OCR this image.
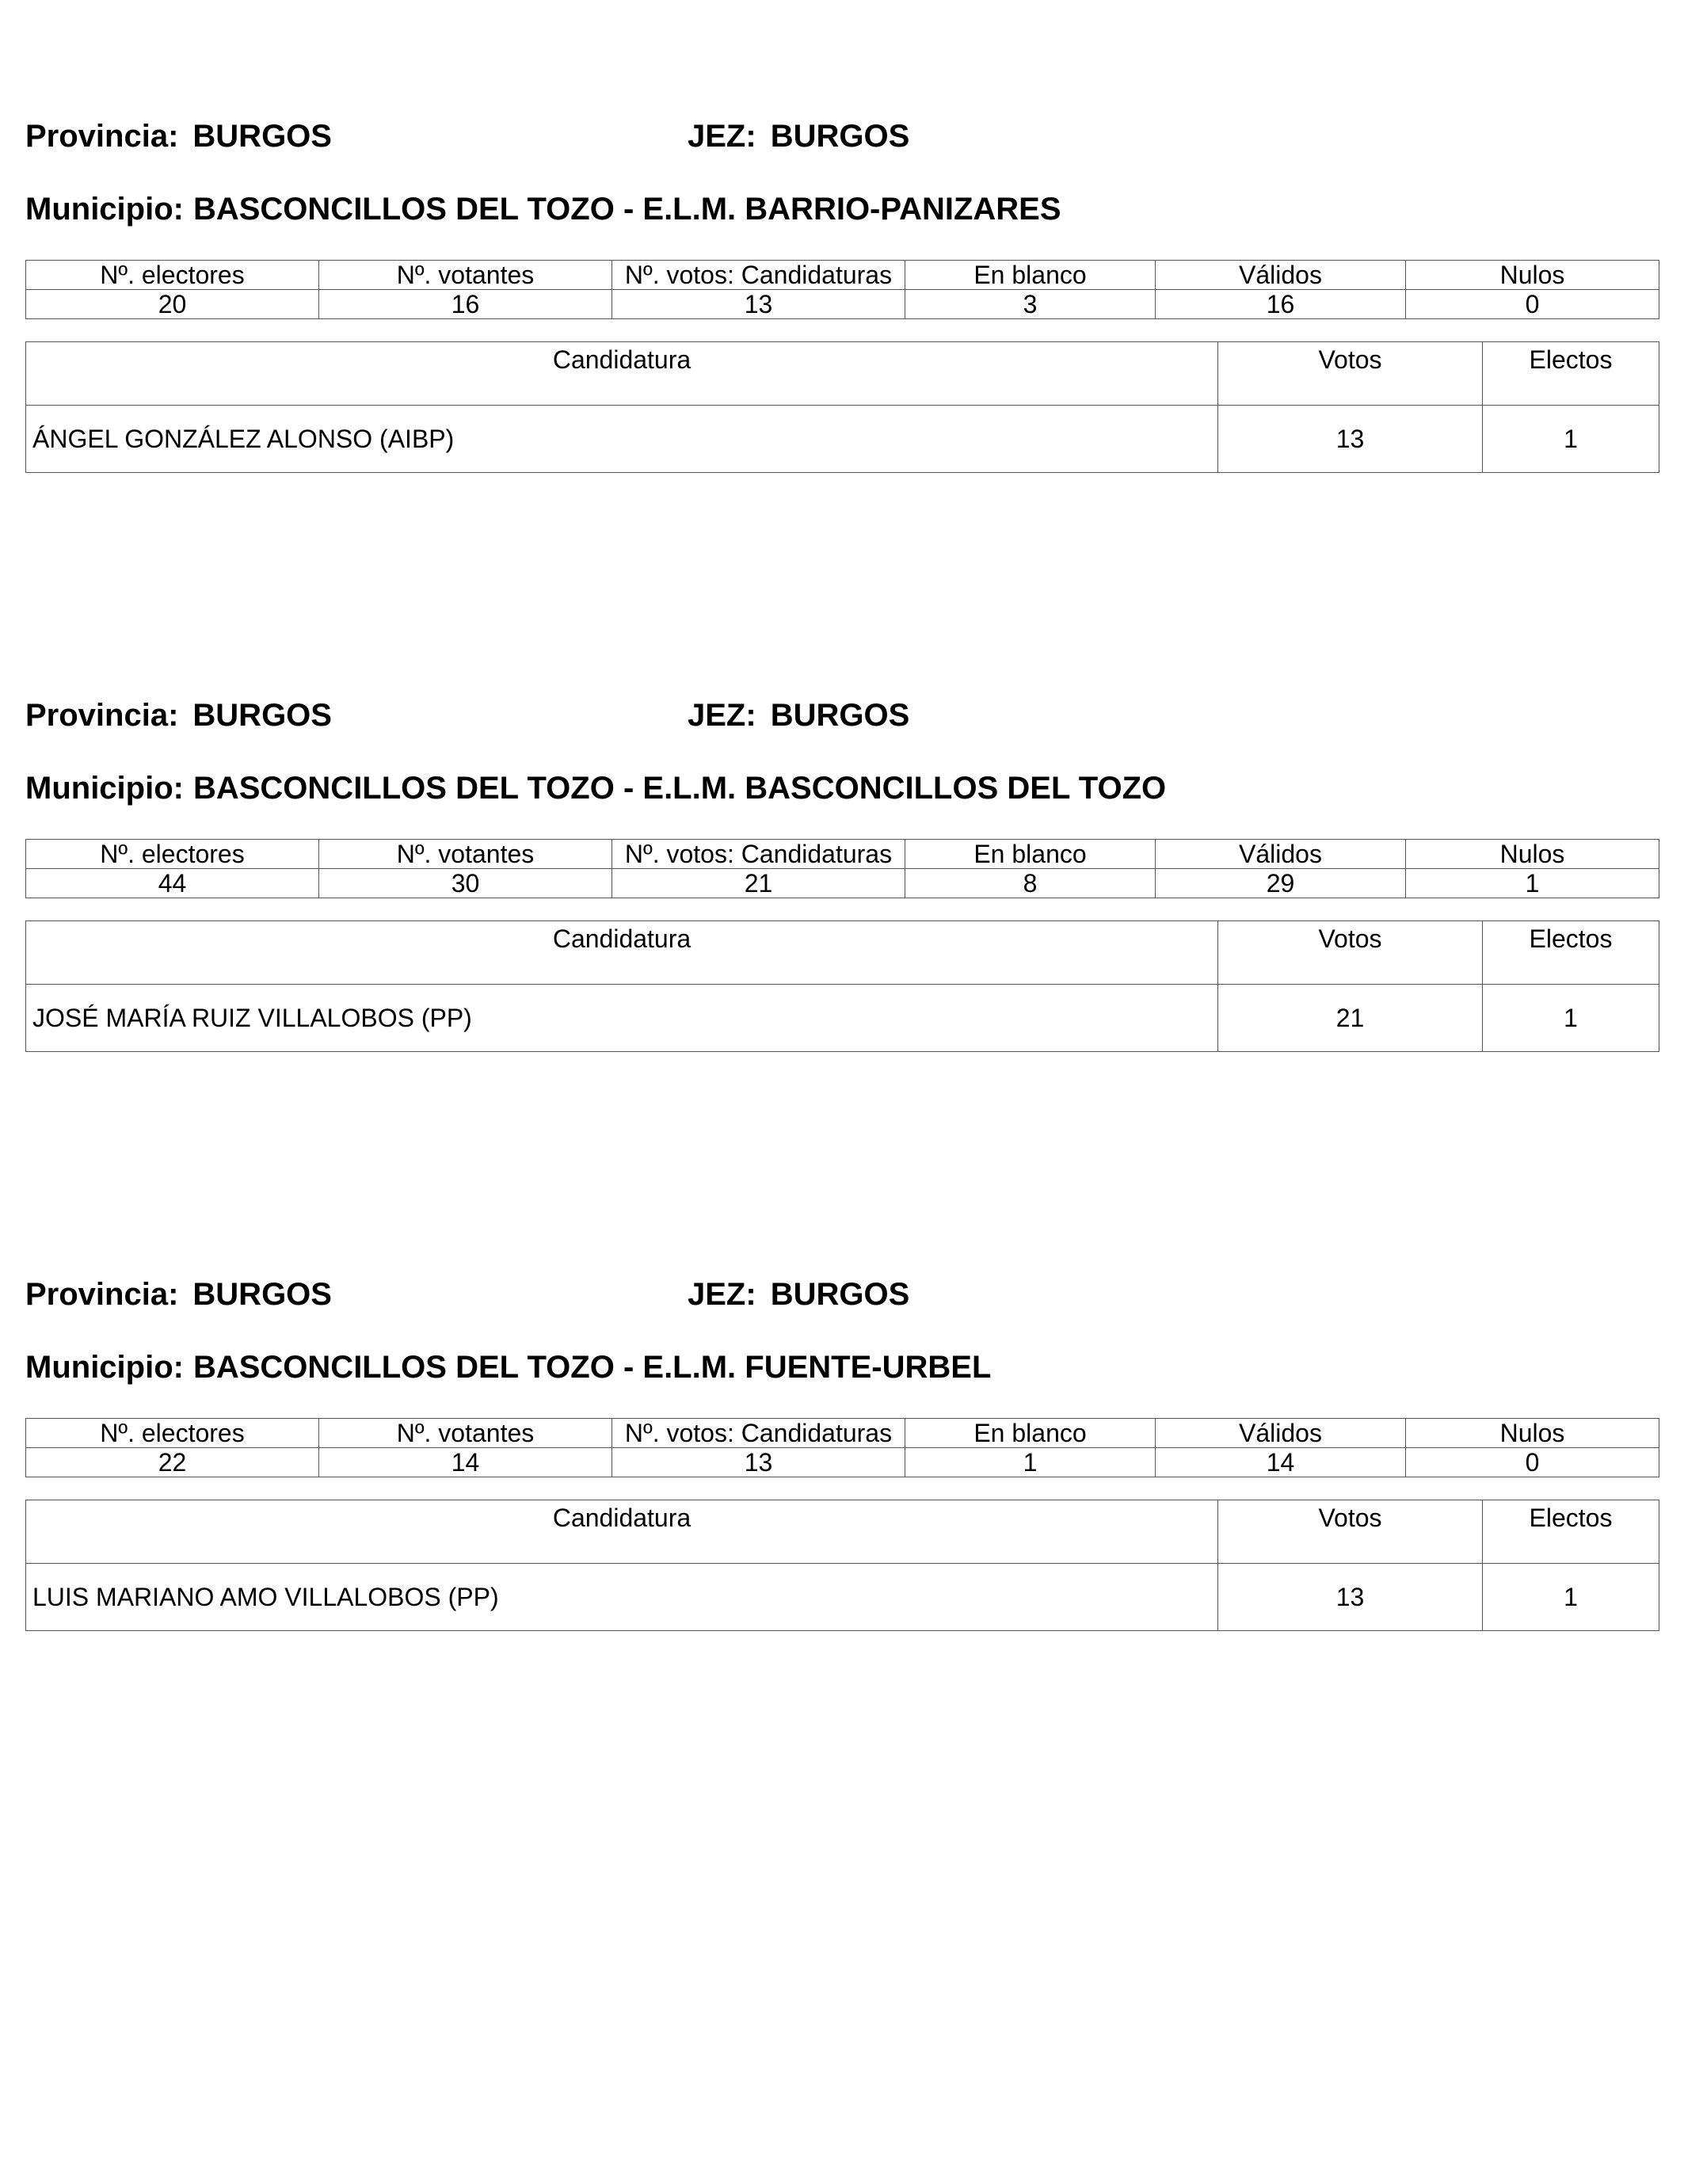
Provincia: BURGOS	JEZ: BURGOS
Municipio: BASCONCILLOS DEL TOZO - E.L.M. BARRIO-PANIZARES
Nº. electores	Nº. votantes	Nº. votos: Candidaturas	En blanco	Válidos	Nulos
20	16	13	3	16	0
Candidatura	Votos	Electos
ÁNGEL GONZÁLEZ ALONSO (AIBP)	13	1
Provincia: BURGOS	JEZ: BURGOS
Municipio: BASCONCILLOS DEL TOZO - E.L.M. BASCONCILLOS DEL TOZO
Nº. electores	Nº. votantes	Nº. votos: Candidaturas	En blanco	Válidos	Nulos
44	30	21	8	29	1
Candidatura	Votos	Electos
JOSÉ MARÍA RUIZ VILLALOBOS (PP)	21	1
Provincia: BURGOS	JEZ: BURGOS
Municipio: BASCONCILLOS DEL TOZO - E.L.M. FUENTE-URBEL
Nº. electores	Nº. votantes	Nº. votos: Candidaturas	En blanco	Válidos	Nulos
22	14	13	1	14	0
Candidatura	Votos	Electos
LUIS MARIANO AMO VILLALOBOS (PP)	13	1
